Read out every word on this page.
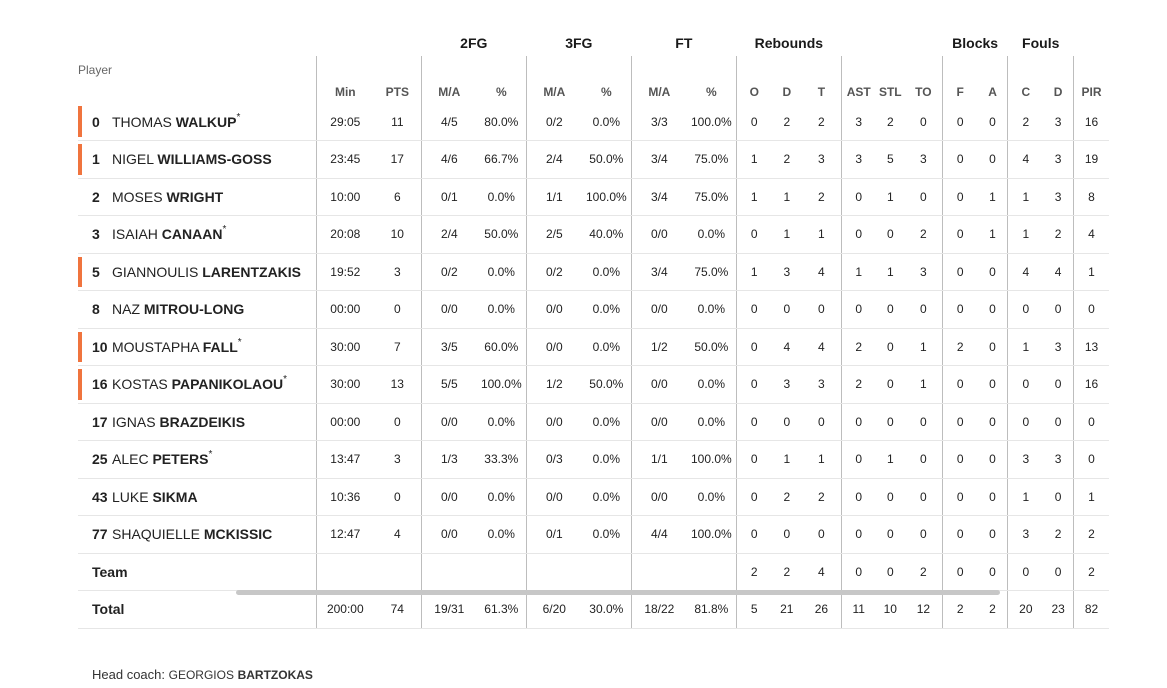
			2FG		3FG		FT		Rebounds						Blocks		Fouls		
Player	Min	PTS	M/A	%	M/A	%	M/A	%	O	D	T	AST	STL	TO	F	A	C	D	PIR

0 THOMAS WALKUP*	29:05	11	4/5	80.0%	0/2	0.0%	3/3	100.0%	0	2	2	3	2	0	0	0	2	3	16

1 NIGEL WILLIAMS-GOSS	23:45	17	4/6	66.7%	2/4	50.0%	3/4	75.0%	1	2	3	3	5	3	0	0	4	3	19
2 MOSES WRIGHT	10:00	6	0/1	0.0%	1/1	100.0%	3/4	75.0%	1	1	2	0	1	0	0	1	1	3	8
3 ISAIAH CANAAN*	20:08	10	2/4	50.0%	2/5	40.0%	0/0	0.0%	0	1	1	0	0	2	0	1	1	2	4

5 GIANNOULIS LARENTZAKIS	19:52	3	0/2	0.0%	0/2	0.0%	3/4	75.0%	1	3	4	1	1	3	0	0	4	4	1
8 NAZ MITROU-LONG	00:00	0	0/0	0.0%	0/0	0.0%	0/0	0.0%	0	0	0	0	0	0	0	0	0	0	0

10 MOUSTAPHA FALL*	30:00	7	3/5	60.0%	0/0	0.0%	1/2	50.0%	0	4	4	2	0	1	2	0	1	3	13

16 KOSTAS PAPANIKOLAOU*	30:00	13	5/5	100.0%	1/2	50.0%	0/0	0.0%	0	3	3	2	0	1	0	0	0	0	16
17 IGNAS BRAZDEIKIS	00:00	0	0/0	0.0%	0/0	0.0%	0/0	0.0%	0	0	0	0	0	0	0	0	0	0	0
25 ALEC PETERS*	13:47	3	1/3	33.3%	0/3	0.0%	1/1	100.0%	0	1	1	0	1	0	0	0	3	3	0
43 LUKE SIKMA	10:36	0	0/0	0.0%	0/0	0.0%	0/0	0.0%	0	2	2	0	0	0	0	0	1	0	1
77 SHAQUIELLE MCKISSIC	12:47	4	0/0	0.0%	0/1	0.0%	4/4	100.0%	0	0	0	0	0	0	0	0	3	2	2
Team									2	2	4	0	0	2	0	0	0	0	2
Total	200:00	74	19/31	61.3%	6/20	30.0%	18/22	81.8%	5	21	26	11	10	12	2	2	20	23	82
Head coach: GEORGIOS BARTZOKAS
